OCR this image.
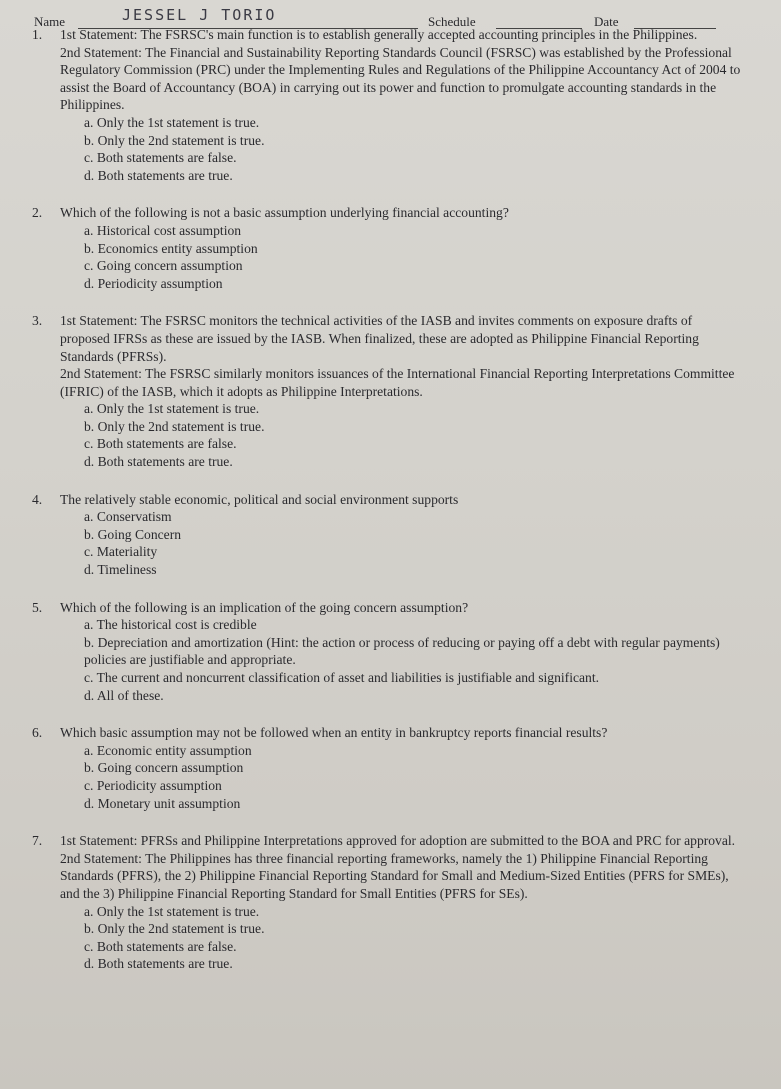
Name	JESSEL J TORIO	Schedule	Date
1.	1st Statement: The FSRSC's main function is to establish generally accepted accounting principles in the Philippines.
2nd Statement: The Financial and Sustainability Reporting Standards Council (FSRSC) was established by the Professional Regulatory Commission (PRC) under the Implementing Rules and Regulations of the Philippine Accountancy Act of 2004 to assist the Board of Accountancy (BOA) in carrying out its power and function to promulgate accounting standards in the Philippines.
a. Only the 1st statement is true.
b. Only the 2nd statement is true.
c. Both statements are false.
d. Both statements are true.
2.	Which of the following is not a basic assumption underlying financial accounting?
a. Historical cost assumption
b. Economics entity assumption
c. Going concern assumption
d. Periodicity assumption
3.	1st Statement: The FSRSC monitors the technical activities of the IASB and invites comments on exposure drafts of proposed IFRSs as these are issued by the IASB. When finalized, these are adopted as Philippine Financial Reporting Standards (PFRSs).
2nd Statement: The FSRSC similarly monitors issuances of the International Financial Reporting Interpretations Committee (IFRIC) of the IASB, which it adopts as Philippine Interpretations.
a. Only the 1st statement is true.
b. Only the 2nd statement is true.
c. Both statements are false.
d. Both statements are true.
4.	The relatively stable economic, political and social environment supports
a. Conservatism
b. Going Concern
c. Materiality
d. Timeliness
5.	Which of the following is an implication of the going concern assumption?
a. The historical cost is credible
b. Depreciation and amortization (Hint: the action or process of reducing or paying off a debt with regular payments) policies are justifiable and appropriate.
c. The current and noncurrent classification of asset and liabilities is justifiable and significant.
d. All of these.
6.	Which basic assumption may not be followed when an entity in bankruptcy reports financial results?
a. Economic entity assumption
b. Going concern assumption
c. Periodicity assumption
d. Monetary unit assumption
7.	1st Statement: PFRSs and Philippine Interpretations approved for adoption are submitted to the BOA and PRC for approval.
2nd Statement: The Philippines has three financial reporting frameworks, namely the 1) Philippine Financial Reporting Standards (PFRS), the 2) Philippine Financial Reporting Standard for Small and Medium-Sized Entities (PFRS for SMEs), and the 3) Philippine Financial Reporting Standard for Small Entities (PFRS for SEs).
a. Only the 1st statement is true.
b. Only the 2nd statement is true.
c. Both statements are false.
d. Both statements are true.
